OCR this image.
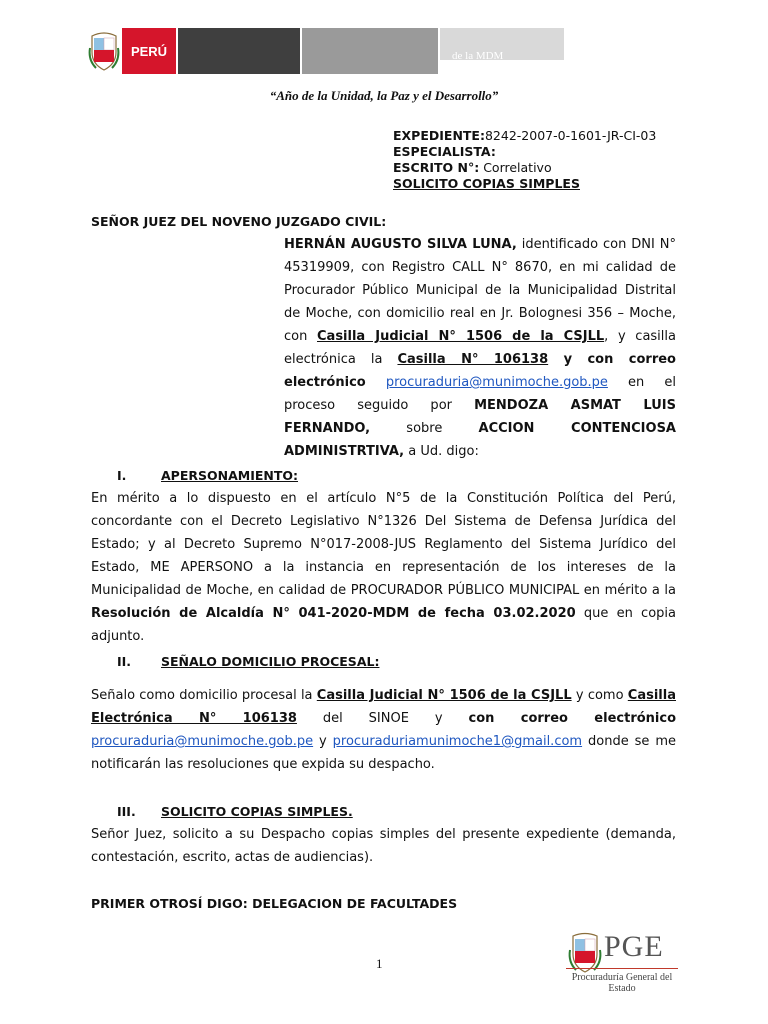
PERÚ	de la MDM
“Año de la Unidad, la Paz y el Desarrollo”
EXPEDIENTE:8242-2007-0-1601-JR-CI-03
ESPECIALISTA:
ESCRITO N°: Correlativo
SOLICITO COPIAS SIMPLES
SEÑOR JUEZ DEL NOVENO JUZGADO CIVIL:
HERNÁN AUGUSTO SILVA LUNA, identificado con DNI N° 45319909, con Registro CALL N° 8670, en mi calidad de Procurador Público Municipal de la Municipalidad Distrital de Moche, con domicilio real en Jr. Bolognesi 356 – Moche, con Casilla Judicial N° 1506 de la CSJLL, y casilla electrónica la Casilla N° 106138 y con correo electrónico procuraduria@munimoche.gob.pe en el proceso seguido por MENDOZA ASMAT LUIS FERNANDO, sobre ACCION CONTENCIOSA ADMINISTRTIVA, a Ud. digo:
I.	APERSONAMIENTO:
En mérito a lo dispuesto en el artículo N°5 de la Constitución Política del Perú, concordante con el Decreto Legislativo N°1326 Del Sistema de Defensa Jurídica del Estado; y al Decreto Supremo N°017-2008-JUS Reglamento del Sistema Jurídico del Estado, ME APERSONO a la instancia en representación de los intereses de la Municipalidad de Moche, en calidad de PROCURADOR PÚBLICO MUNICIPAL en mérito a la Resolución de Alcaldía N° 041-2020-MDM de fecha 03.02.2020 que en copia adjunto.
II. SEÑALO DOMICILIO PROCESAL:
Señalo como domicilio procesal la Casilla Judicial N° 1506 de la CSJLL y como Casilla Electrónica N° 106138 del SINOE y con correo electrónico procuraduria@munimoche.gob.pe y procuraduriamunimoche1@gmail.com donde se me notificarán las resoluciones que expida su despacho.
III. SOLICITO COPIAS SIMPLES.
Señor Juez, solicito a su Despacho copias simples del presente expediente (demanda, contestación, escrito, actas de audiencias).
PRIMER OTROSÍ DIGO: DELEGACION DE FACULTADES
PGE
Procuraduría General del
Estado
1
